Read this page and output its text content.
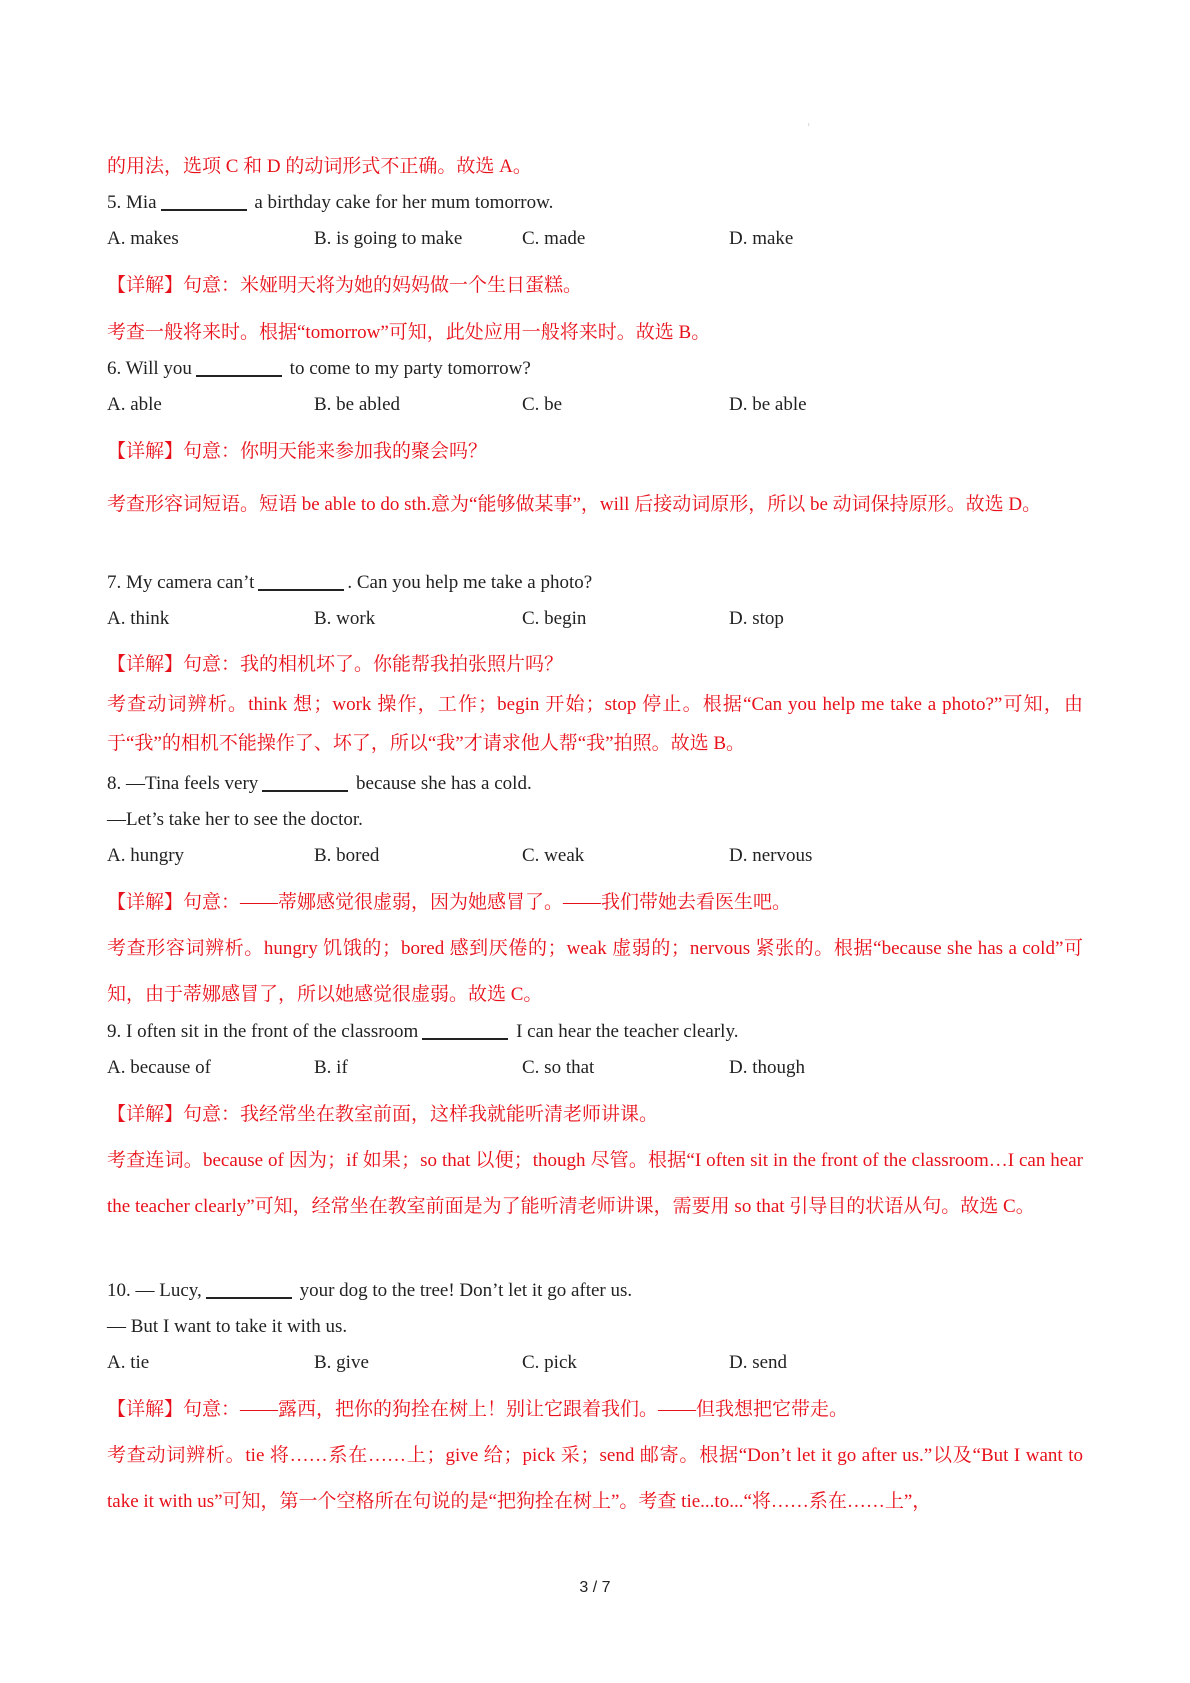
ı
的用法，选项 C 和 D 的动词形式不正确。故选 A。
5. Mia	a birthday cake for her mum tomorrow.
A. makes	B. is going to make	C. made	D. make
【详解】句意：米娅明天将为她的妈妈做一个生日蛋糕。
考查一般将来时。根据“tomorrow”可知，此处应用一般将来时。故选 B。
6. Will you	to come to my party tomorrow?
A. able	B. be abled	C. be	D. be able
【详解】句意：你明天能来参加我的聚会吗？
考查形容词短语。短语 be able to do sth.意为“能够做某事”，will 后接动词原形，所以 be 动词保持原形。故选 D。
7. My camera can’t	. Can you help me take a photo?
A. think	B. work	C. begin	D. stop
【详解】句意：我的相机坏了。你能帮我拍张照片吗？
考查动词辨析。think 想；work 操作，工作；begin 开始；stop 停止。根据“Can you help me take a photo?”可知，由于“我”的相机不能操作了、坏了，所以“我”才请求他人帮“我”拍照。故选 B。
8. —Tina feels very	because she has a cold.
—Let’s take her to see the doctor.
A. hungry	B. bored	C. weak	D. nervous
【详解】句意：——蒂娜感觉很虚弱，因为她感冒了。——我们带她去看医生吧。
考查形容词辨析。hungry 饥饿的；bored 感到厌倦的；weak 虚弱的；nervous 紧张的。根据“because she has a cold”可知，由于蒂娜感冒了，所以她感觉很虚弱。故选 C。
9. I often sit in the front of the classroom	I can hear the teacher clearly.
A. because of	B. if	C. so that	D. though
【详解】句意：我经常坐在教室前面，这样我就能听清老师讲课。
考查连词。because of 因为；if 如果；so that 以便；though 尽管。根据“I often sit in the front of the classroom…I can hear the teacher clearly”可知，经常坐在教室前面是为了能听清老师讲课，需要用 so that 引导目的状语从句。故选 C。
10. — Lucy,	your dog to the tree! Don’t let it go after us.
— But I want to take it with us.
A. tie	B. give	C. pick	D. send
【详解】句意：——露西，把你的狗拴在树上！别让它跟着我们。——但我想把它带走。
考查动词辨析。tie 将……系在……上；give 给；pick 采；send 邮寄。根据“Don’t let it go after us.”以及“But I want to take it with us”可知，第一个空格所在句说的是“把狗拴在树上”。考查 tie...to...“将……系在……上”，
3 / 7
